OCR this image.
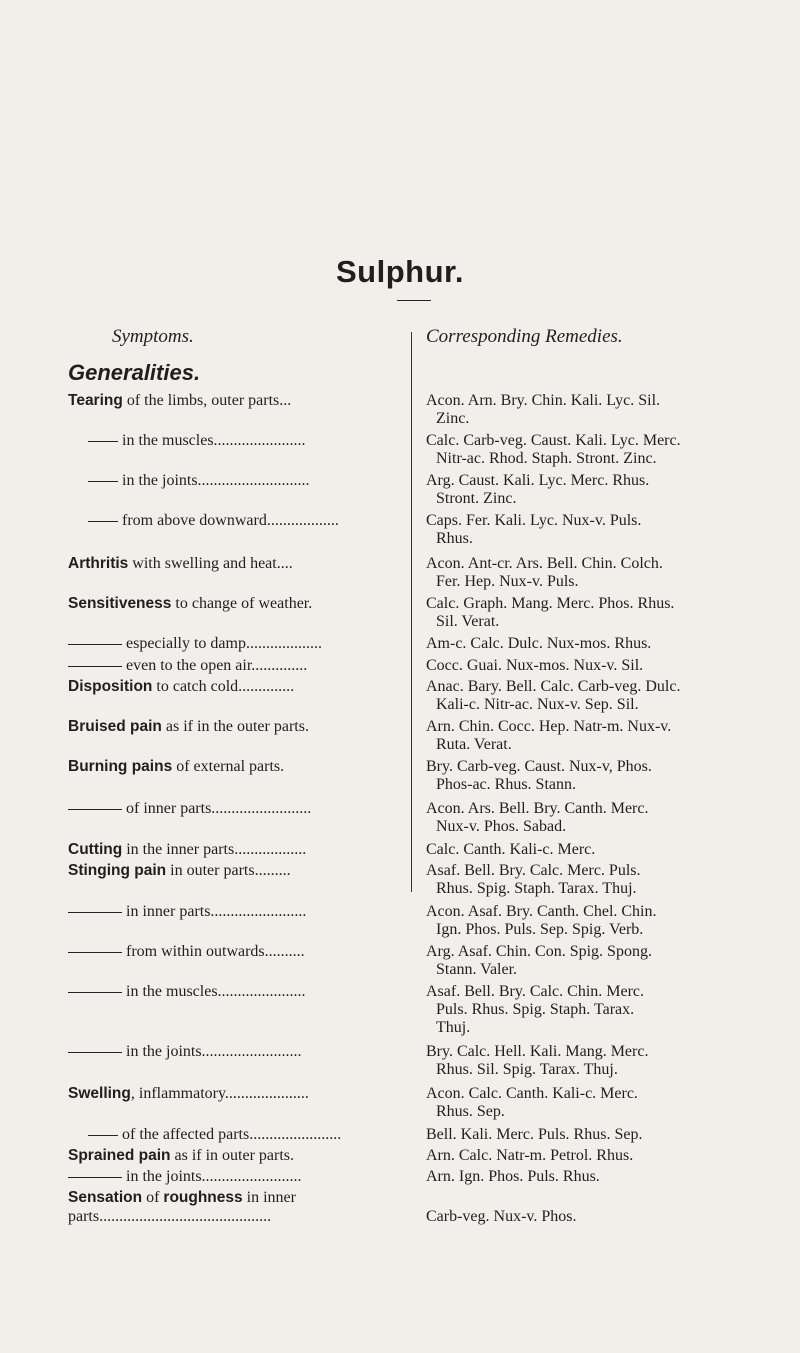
Sulphur.
Symptoms.	Corresponding Remedies.
Generalities.
Tearing of the limbs, outer parts...	Acon. Arn. Bry. Chin. Kali. Lyc. Sil.
Zinc.
in the muscles.......................	Calc. Carb-veg. Caust. Kali. Lyc. Merc.
Nitr-ac. Rhod. Staph. Stront. Zinc.
in the joints............................	Arg. Caust. Kali. Lyc. Merc. Rhus.
Stront. Zinc.
from above downward..................	Caps. Fer. Kali. Lyc. Nux-v. Puls.
Rhus.
Arthritis with swelling and heat....	Acon. Ant-cr. Ars. Bell. Chin. Colch.
Fer. Hep. Nux-v. Puls.
Sensitiveness to change of weather.	Calc. Graph. Mang. Merc. Phos. Rhus.
Sil. Verat.
especially to damp...................	Am-c. Calc. Dulc. Nux-mos. Rhus.
even to the open air..............	Cocc. Guai. Nux-mos. Nux-v. Sil.
Disposition to catch cold..............	Anac. Bary. Bell. Calc. Carb-veg. Dulc.
Kali-c. Nitr-ac. Nux-v. Sep. Sil.
Bruised pain as if in the outer parts.	Arn. Chin. Cocc. Hep. Natr-m. Nux-v.
Ruta. Verat.
Burning pains of external parts.	Bry. Carb-veg. Caust. Nux-v, Phos.
Phos-ac. Rhus. Stann.
of inner parts.........................	Acon. Ars. Bell. Bry. Canth. Merc.
Nux-v. Phos. Sabad.
Cutting in the inner parts..................	Calc. Canth. Kali-c. Merc.
Stinging pain in outer parts.........	Asaf. Bell. Bry. Calc. Merc. Puls.
Rhus. Spig. Staph. Tarax. Thuj.
in inner parts........................	Acon. Asaf. Bry. Canth. Chel. Chin.
Ign. Phos. Puls. Sep. Spig. Verb.
from within outwards..........	Arg. Asaf. Chin. Con. Spig. Spong.
Stann. Valer.
in the muscles......................	Asaf. Bell. Bry. Calc. Chin. Merc.
Puls. Rhus. Spig. Staph. Tarax.
Thuj.
in the joints.........................	Bry. Calc. Hell. Kali. Mang. Merc.
Rhus. Sil. Spig. Tarax. Thuj.
Swelling, inflammatory.....................	Acon. Calc. Canth. Kali-c. Merc.
Rhus. Sep.
of the affected parts.......................	Bell. Kali. Merc. Puls. Rhus. Sep.
Sprained pain as if in outer parts.	Arn. Calc. Natr-m. Petrol. Rhus.
in the joints.........................	Arn. Ign. Phos. Puls. Rhus.
Sensation of roughness in inner
parts...........................................	Carb-veg. Nux-v. Phos.
